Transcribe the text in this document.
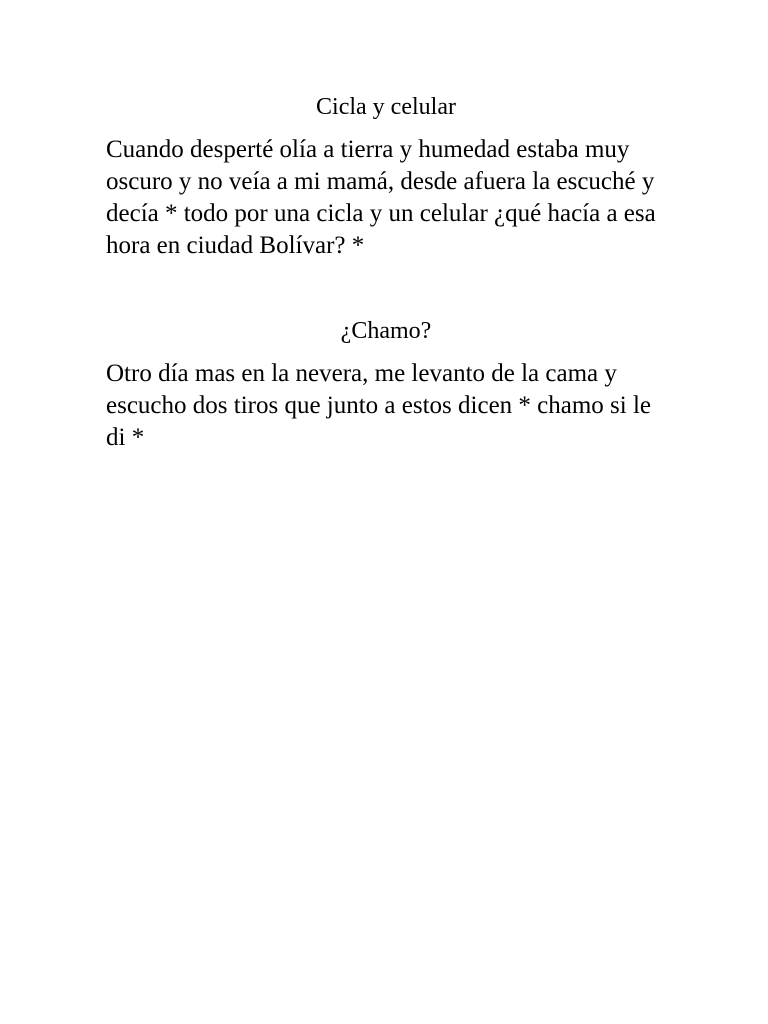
Cicla y celular

Cuando desperté olía a tierra y humedad estaba muy oscuro y no veía a mi mamá, desde afuera la escuché y decía * todo por una cicla y un celular ¿qué hacía a esa hora en ciudad Bolívar? *

¿Chamo?

Otro día mas en la nevera, me levanto de la cama y escucho dos tiros que junto a estos dicen * chamo si le di *
